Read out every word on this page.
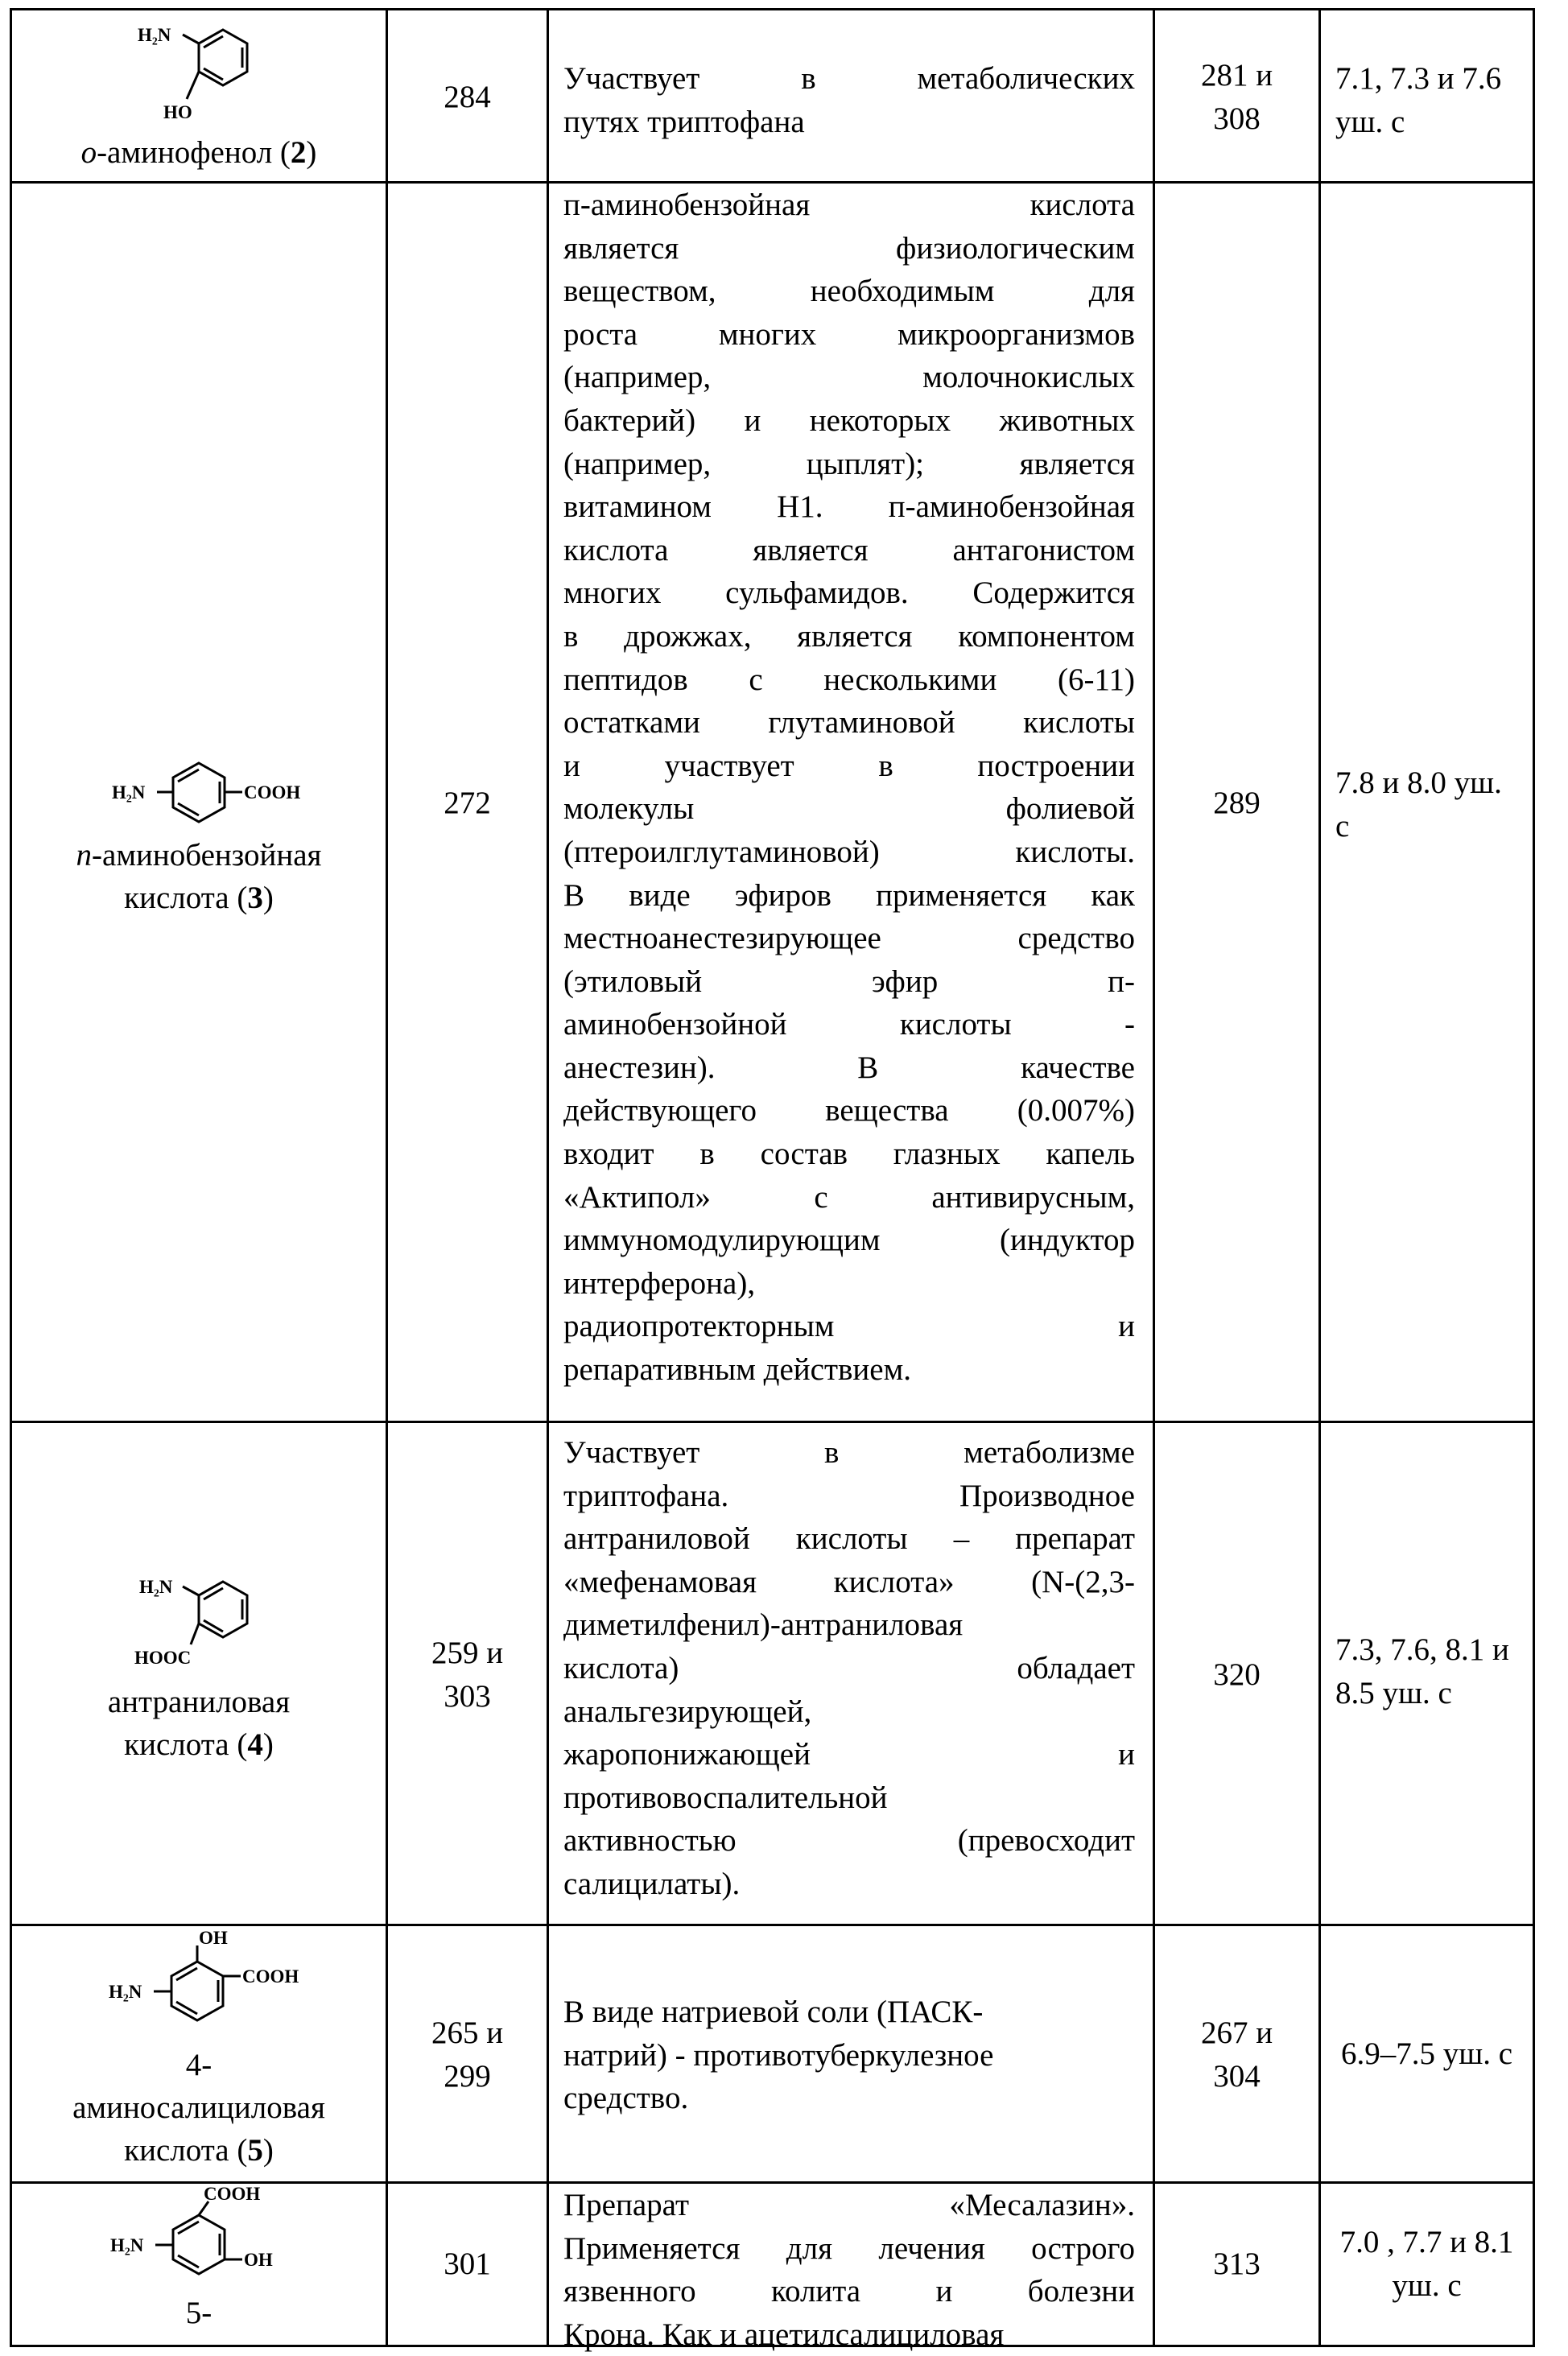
H₂N
HO
о-аминофенол (2)
284
Участвует в метаболических
путях триптофана
281 и 308
7.1, 7.3 и 7.6 уш. с
H₂N	COOH
п-аминобензойная
кислота (3)
272
п-аминобензойная кислота
является физиологическим
веществом, необходимым для
роста многих микроорганизмов
(например, молочнокислых
бактерий) и некоторых животных
(например, цыплят); является
витамином H1. п-аминобензойная
кислота является антагонистом
многих сульфамидов. Содержится
в дрожжах, является компонентом
пептидов с несколькими (6-11)
остатками глутаминовой кислоты
и участвует в построении
молекулы фолиевой
(птероилглутаминовой) кислоты.
В виде эфиров применяется как
местноанестезирующее средство
(этиловый эфир п-
аминобензойной кислоты -
анестезин). В качестве
действующего вещества (0.007%)
входит в состав глазных капель
«Актипол» с антивирусным,
иммуномодулирующим (индуктор
интерферона),
радиопротекторным и
репаративным действием.
289
7.8 и 8.0 уш. с
H₂N
HOOC
антраниловая
кислота (4)
259 и 303
Участвует в метаболизме
триптофана. Производное
антраниловой кислоты – препарат
«мефенамовая кислота» (N-(2,3-
диметилфенил)-антраниловая
кислота) обладает
анальгезирующей,
жаропонижающей и
противовоспалительной
активностью (превосходит
салицилаты).
320
7.3, 7.6, 8.1 и 8.5 уш. с
H₂N
COOH
OH
4-
аминосалициловая
кислота (5)
265 и 299
В виде натриевой соли (ПАСК-
натрий) - противотуберкулезное
средство.
267 и 304
6.9–7.5 уш. с
H₂N
OH
COOH
5-
301
Препарат «Месалазин».
Применяется для лечения острого
язвенного колита и болезни
Крона. Как и ацетилсалициловая
313
7.0 , 7.7 и 8.1 уш. с
